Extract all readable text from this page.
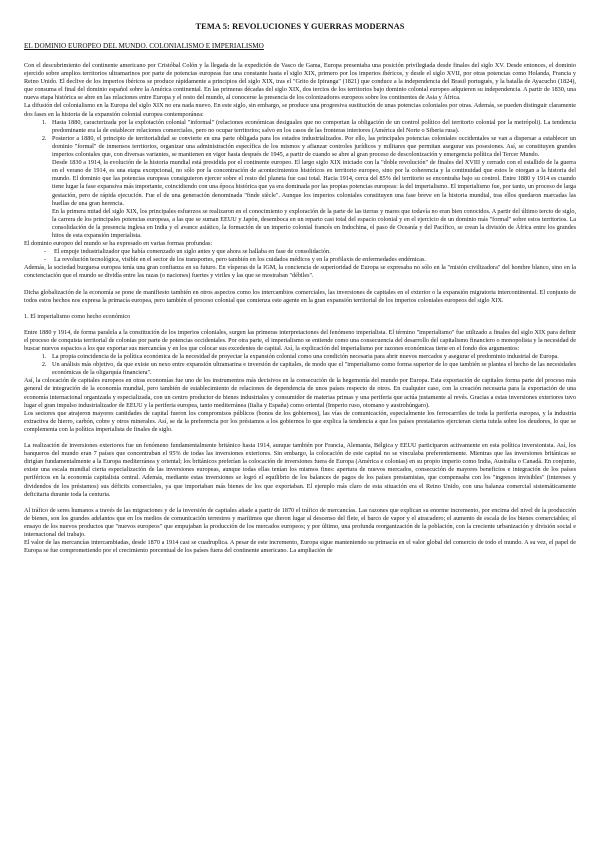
TEMA 5: REVOLUCIONES Y GUERRAS MODERNAS
EL DOMINIO EUROPEO DEL MUNDO. COLONIALISMO E IMPERIALISMO

Con el descubrimiento del continente americano por Cristóbal Colón y la llegada de la expedición de Vasco de Gama, Europa presentaba una posición privilegiada desde finales del siglo XV. Desde entonces, el dominio ejercido sobre amplios territorios ultramarinos por parte de potencias europeas fue una constante hasta el siglo XIX, primero por los imperios ibéricos, y desde el siglo XVII, por otras potencias como Holanda, Francia y Reino Unido. El declive de los imperios ibéricos se produce rápidamente a principios del siglo XIX, tras el "Grito de Ipiranga" (1821) que conduce a la independencia del Brasil portugués, y la batalla de Ayacucho (1824), que consuma el final del dominio español sobre la América continental. En las primeras décadas del siglo XIX, dos tercios de los territorios bajo dominio colonial europeo adquieren su independencia. A partir de 1830, una nueva etapa histórica se abre en las relaciones entre Europa y el resto del mundo, al conocerse la presencia de los colonizadores europeos sobre los continentes de Asia y África.

La difusión del colonialismo en la Europa del siglo XIX no era nada nuevo. En este siglo, sin embargo, se produce una progresiva sustitución de unas potencias coloniales por otras. Además, se pueden distinguir claramente dos fases en la historia de la expansión colonial europea contemporánea:

1. Hasta 1880, caracterizada por la explotación colonial "informal" (relaciones económicas desiguales que no comportan la obligación de un control político del territorio colonial por la metrópoli). La tendencia predominante era la de establecer relaciones comerciales, pero no ocupar territorios; salvo en los casos de las fronteras interiores (América del Norte o Siberia rusa).
2. Posterior a 1880, el principio de territorialidad se convierte en una parte obligada para los estados industrializados. Por ello, las principales potencias coloniales occidentales se van a dispersar a establecer un dominio "formal" de inmensos territorios, organizar una administración específica de los mismos y afianzar controles jurídicos y militares que permitan asegurar sus posesiones. Así, se constituyen grandes imperios coloniales que, con diversas variantes, se mantienen en vigor hasta después de 1945, a partir de cuando se abre al gran proceso de descolonización y emergencia política del Tercer Mundo.

Desde 1830 a 1914, la evolución de la historia mundial está presidida por el continente europeo. El largo siglo XIX iniciado con la "doble revolución" de finales del XVIII y cerrado con el estallido de la guerra en el verano de 1914, es una etapa excepcional, no sólo por la concentración de acontecimientos históricos en territorio europeo, sino por la coherencia y la continuidad que estos le otorgan a la historia del mundo. El dominio que las potencias europeas consiguieron ejercer sobre el resto del planeta fue casi total. Hacia 1914, cerca del 85% del territorio se encontraba bajo su control. Entre 1880 y 1914 es cuando tiene lugar la fase expansiva más importante, coincidiendo con una época histórica que ya era dominada por las propias potencias europeas: la del imperialismo. El imperialismo fue, por tanto, un proceso de larga gestación, pero de rápida ejecución. Fue el de una generación denominada "finde siècle". Aunque los imperios coloniales constituyen una fase breve en la historia mundial, tras ellos quedaron marcadas las huellas de una gran herencia.

En la primera mitad del siglo XIX, los principales esfuerzos se realizaron en el conocimiento y exploración de la parte de las tierras y mares que todavía no eran bien conocidos. A partir del último tercio de siglo, la carrera de los principales potencias europeas, a las que se suman EEUU y Japón, desemboca en un reparto casi total del espacio colonial y en el ejercicio de un dominio más "formal" sobre estos territorios. La consolidación de la presencia inglesa en India y el avance asiático, la formación de un imperio colonial francés en Indochina, el paso de Oceanía y del Pacífico, se crean la división de África entre los grandes hitos de esta expansión imperialista.

El dominio europeo del mundo se ha expresado en varias formas profundas:

- El empuje industrializador que había comenzado un siglo antes y que ahora se hallaba en fase de consolidación.
- La revolución tecnológica, visible en el sector de los transportes, pero también en los cuidados médicos y en la profilaxis de enfermedades endémicas.

Además, la sociedad burguesa europea tenía una gran confianza en su futuro. En vísperas de la IGM, la conciencia de superioridad de Europa se expresaba no sólo en la "misión civilizadora" del hombre blanco, sino en la concienciación que el mundo se dividía entre las razas (o naciones) fuertes y viriles y las que se mostraban "débiles".

Dicha globalización de la economía se pone de manifiesto también en otros aspectos como los intercambios comerciales, las inversiones de capitales en el exterior o la expansión migratoria intercontinental. El conjunto de todos estos hechos nos expresa la primacía europea, pero también el proceso colonial que comienza este agente en la gran expansión territorial de los imperios coloniales europeos del siglo XIX.

1. El imperialismo como hecho económico

Entre 1880 y 1914, de forma paralela a la constitución de los imperios coloniales, surgen las primeras interpretaciones del fenómeno imperialista. El término "imperialismo" fue utilizado a finales del siglo XIX para definir el proceso de conquista territorial de colonias por parte de potencias occidentales. Por otra parte, el imperialismo se entiende como una consecuencia del desarrollo del capitalismo financiero o monopolista y la necesidad de buscar nuevos espacios a los que exportar sus mercancías y en los que colocar sus excedentes de capital. Así, la explicación del imperialismo por razones económicas tiene en el fondo dos argumentos:

1. La propia coincidencia de la política económica de la necesidad de proyectar la expansión colonial como una condición necesaria para abrir nuevos mercados y asegurar el predominio industrial de Europa.
2. Un análisis más objetivo, da que existe un nexo entre expansión ultramarina e inversión de capitales, de modo que el "imperialismo como forma superior de lo que también se plantea el hecho de las necesidades económicas de la oligarquía financiera".

Así, la colocación de capitales europeos en otras economías fue uno de los instrumentos más decisivos en la consecución de la hegemonía del mundo por Europa. Esta exportación de capitales forma parte del proceso más general de integración de la economía mundial, pero también de establecimiento de relaciones de dependencia de unos países respecto de otros. En cualquier caso, con la creación necesaria para la exportación de una economía internacional organizada y especializada, con un centro productor de bienes industriales y consumidor de materias primas y una periferia que actúa justamente al revés. Gracias a estas inversiones exteriores tuvo lugar el gran impulso industrializador de EEUU y la periferia europea, tanto mediterránea (Italia y España) como oriental (Imperio ruso, otomano y austrohúngaro).

Los sectores que atrajeron mayores cantidades de capital fueron los compromisos públicos (bonos de los gobiernos), las vías de comunicación, especialmente los ferrocarriles de toda la periferia europea, y la industria extractiva de hierro, carbón, cobre y otros minerales. Así, se da la preferencia por los préstamos a los gobiernos lo que explica la tendencia a que los países prestatarios ejercieran cierta tutela sobre los deudores, lo que se complementa con la política imperialista de finales de siglo.

La realización de inversiones exteriores fue un fenómeno fundamentalmente británico hasta 1914, aunque también por Francia, Alemania, Bélgica y EEUU participaron activamente en esta política inversionista. Así, los banqueros del mundo eran 7 países que concentraban el 95% de todas las inversiones exteriores. Sin embargo, la colocación de este capital no se vinculaba preferentemente. Mientras que las inversiones británicas se dirigían fundamentalmente a la Europa mediterránea y oriental; los británicos preferían la colocación de inversiones fuera de Europa (América e colonias) en su propio imperio como India, Australia o Canadá. En conjunto, existe una escala mundial cierta especialización de las inversiones europeas, aunque todas ellas tenían los mismos fines: apertura de nuevos mercados, consecución de mayores beneficios e integración de los países periféricos en la economía capitalista central. Además, mediante estas inversiones se logró el equilibrio de los balances de pagos de los países prestamistas, que compensaba con los "ingresos invisibles" (intereses y dividendos de los préstamos) sus déficits comerciales, ya que importaban más bienes de los que exportaban. El ejemplo más claro de esta situación era el Reino Unido, con una balanza comercial sistemáticamente deficitaria durante toda la centuria.

Al tráfico de seres humanos a través de las migraciones y de la inversión de capitales añade a partir de 1870 el tráfico de mercancías. Las razones que explican su enorme incremento, por encima del nivel de la producción de bienes, son los grandes adelantos que en los medios de comunicación terrestres y marítimos que dieron lugar al descenso del flete, el barco de vapor y el atracadero; el aumento de escala de los bienes comerciables; el ensayo de los nuevos productos que "nuevos europeos" que empujaban la producción de los mercados europeos; y por último, una profunda reorganización de la población, con la creciente urbanización y división social e internacional del trabajo.

El valor de las mercancías intercambiadas, desde 1870 a 1914 casi se cuadruplica. A pesar de este incremento, Europa sigue manteniendo su primacía en el valor global del comercio de todo el mundo. A su vez, el papel de Europa se fue comprometiendo por el crecimiento porcentual de los países fuera del continente americano. La ampliación de
